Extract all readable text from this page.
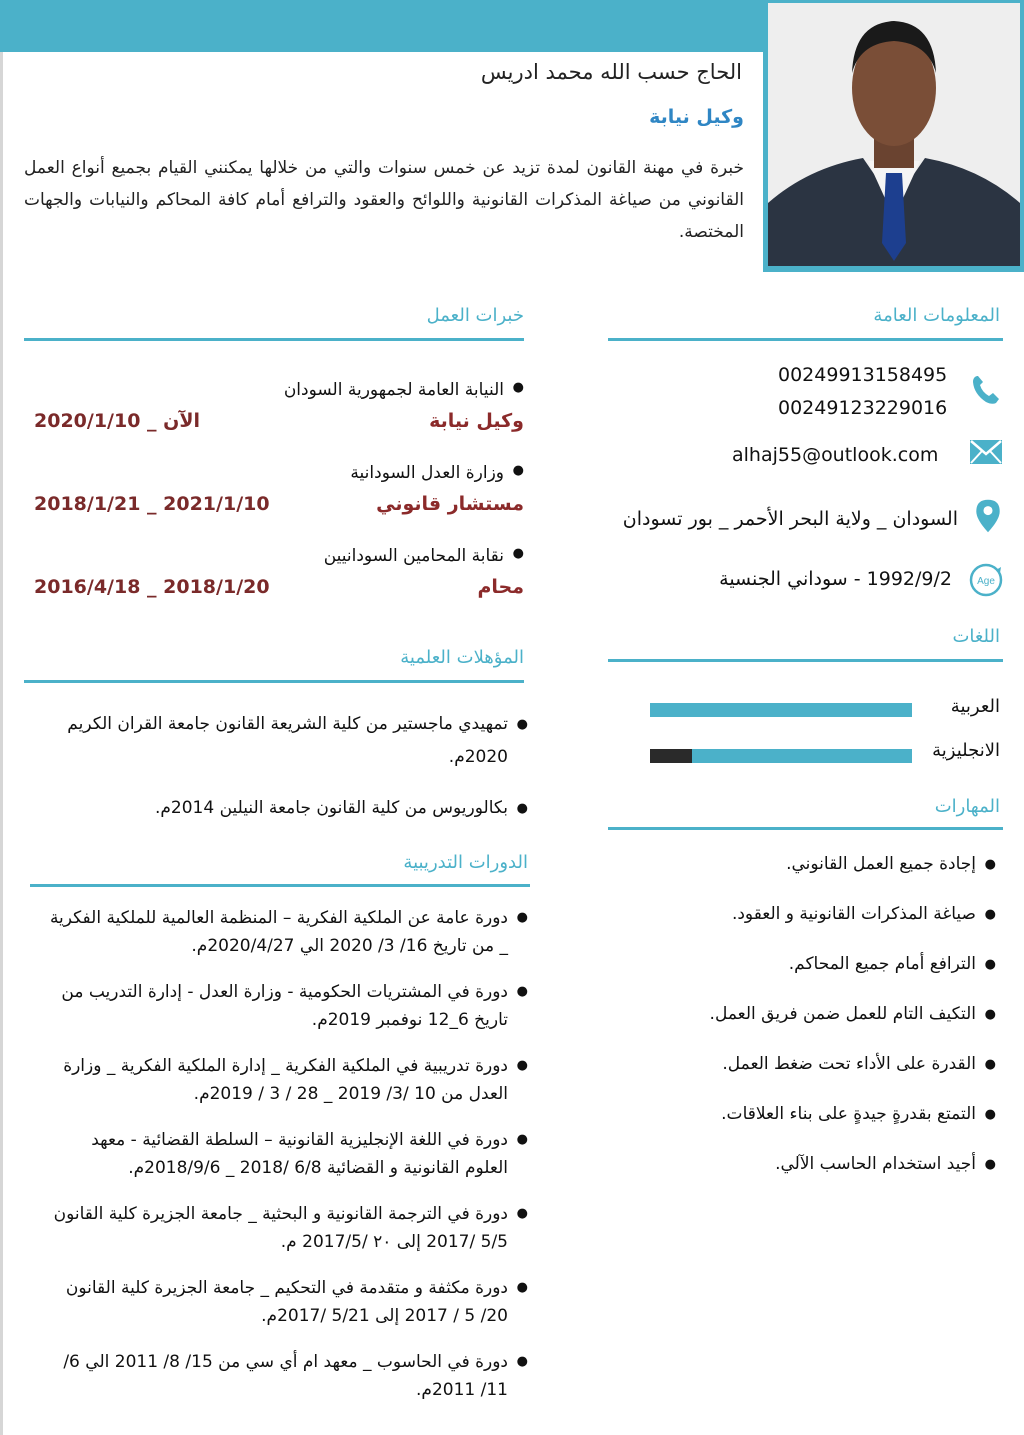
الحاج حسب الله محمد ادريس
وكيل نيابة

خبرة في مهنة القانون لمدة تزيد عن خمس سنوات والتي من خلالها يمكنني القيام بجميع أنواع العمل القانوني من صياغة المذكرات القانونية واللوائح والعقود والترافع أمام كافة المحاكم والنيابات والجهات المختصة.

المعلومات العامة
00249913158495
00249123229016
alhaj55@outlook.com
السودان _ ولاية البحر الأحمر _ بور تسودان
Age
1992/9/2 - سوداني الجنسية
اللغات
العربية
الانجليزية
المهارات
● إجادة جميع العمل القانوني.
● صياغة المذكرات القانونية و العقود.
● الترافع أمام جميع المحاكم.
● التكيف التام للعمل ضمن فريق العمل.
● القدرة على الأداء تحت ضغط العمل.
● التمتع بقدرةٍ جيدةٍ على بناء العلاقات.
● أجيد استخدام الحاسب الآلي.
خبرات العمل
● النيابة العامة لجمهورية السودان
وكيل نيابة
2020/1/10 _ الآن
● وزارة العدل السودانية
مستشار قانوني
2018/1/21 _ 2021/1/10
● نقابة المحامين السودانيين
محام
2016/4/18 _ 2018/1/20
المؤهلات العلمية
● تمهيدي ماجستير من كلية الشريعة القانون جامعة القران الكريم 2020م.
● بكالوريوس من كلية القانون جامعة النيلين 2014م.
الدورات التدريبية
● دورة عامة عن الملكية الفكرية – المنظمة العالمية للملكية الفكرية _ من تاريخ 16/ 3/ 2020 الي 2020/4/27م.
● دورة في المشتريات الحكومية - وزارة العدل - إدارة التدريب من تاريخ 6_12 نوفمبر 2019م.
● دورة تدريبية في الملكية الفكرية _ إدارة الملكية الفكرية _ وزارة العدل من 10 /3/ 2019 _ 28 / 3 / 2019م.
● دورة في اللغة الإنجليزية القانونية – السلطة القضائية - معهد العلوم القانونية و القضائية 6/8 /2018 _ 2018/9/6م.
● دورة في الترجمة القانونية و البحثية _ جامعة الجزيرة كلية القانون 5/5 /2017 إلى ٢٠ /2017/5 م.
● دورة مكثفة و متقدمة في التحكيم _ جامعة الجزيرة كلية القانون 20/ 5 / 2017 إلى 5/21 /2017م.
● دورة في الحاسوب _ معهد ام أي سي من 15/ 8/ 2011 الي 6/ 11/ 2011م.
